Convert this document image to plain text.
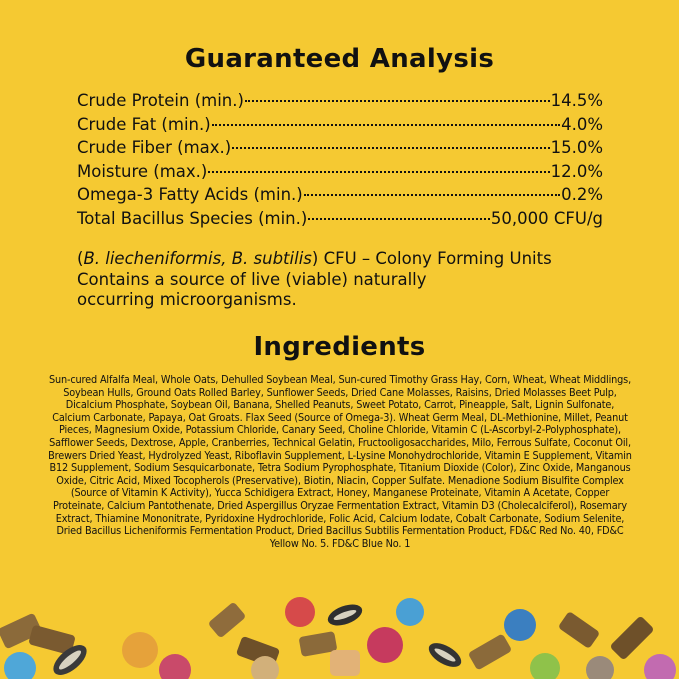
Guaranteed Analysis
Crude Protein (min.)	14.5%
Crude Fat (min.)	4.0%
Crude Fiber (max.)	15.0%
Moisture (max.)	12.0%
Omega-3 Fatty Acids (min.)	0.2%
Total Bacillus Species (min.)	50,000 CFU/g
(B. liecheniformis, B. subtilis) CFU – Colony Forming Units
Contains a source of live (viable) naturally
occurring microorganisms.
Ingredients
Sun-cured Alfalfa Meal, Whole Oats, Dehulled Soybean Meal, Sun-cured Timothy Grass Hay, Corn, Wheat, Wheat Middlings, Soybean Hulls, Ground Oats Rolled Barley, Sunflower Seeds, Dried Cane Molasses, Raisins, Dried Molasses Beet Pulp, Dicalcium Phosphate, Soybean Oil, Banana, Shelled Peanuts, Sweet Potato, Carrot, Pineapple, Salt, Lignin Sulfonate, Calcium Carbonate, Papaya, Oat Groats. Flax Seed (Source of Omega-3). Wheat Germ Meal, DL-Methionine, Millet, Peanut Pieces, Magnesium Oxide, Potassium Chloride, Canary Seed, Choline Chloride, Vitamin C (L-Ascorbyl-2-Polyphosphate), Safflower Seeds, Dextrose, Apple, Cranberries, Technical Gelatin, Fructooligosaccharides, Milo, Ferrous Sulfate, Coconut Oil, Brewers Dried Yeast, Hydrolyzed Yeast, Riboflavin Supplement, L-Lysine Monohydrochloride, Vitamin E Supplement, Vitamin B12 Supplement, Sodium Sesquicarbonate, Tetra Sodium Pyrophosphate, Titanium Dioxide (Color), Zinc Oxide, Manganous Oxide, Citric Acid, Mixed Tocopherols (Preservative), Biotin, Niacin, Copper Sulfate. Menadione Sodium Bisulfite Complex (Source of Vitamin K Activity), Yucca Schidigera Extract, Honey, Manganese Proteinate, Vitamin A Acetate, Copper Proteinate, Calcium Pantothenate, Dried Aspergillus Oryzae Fermentation Extract, Vitamin D3 (Cholecalciferol), Rosemary Extract, Thiamine Mononitrate, Pyridoxine Hydrochloride, Folic Acid, Calcium Iodate, Cobalt Carbonate, Sodium Selenite, Dried Bacillus Licheniformis Fermentation Product, Dried Bacillus Subtilis Fermentation Product, FD&C Red No. 40, FD&C Yellow No. 5. FD&C Blue No. 1
